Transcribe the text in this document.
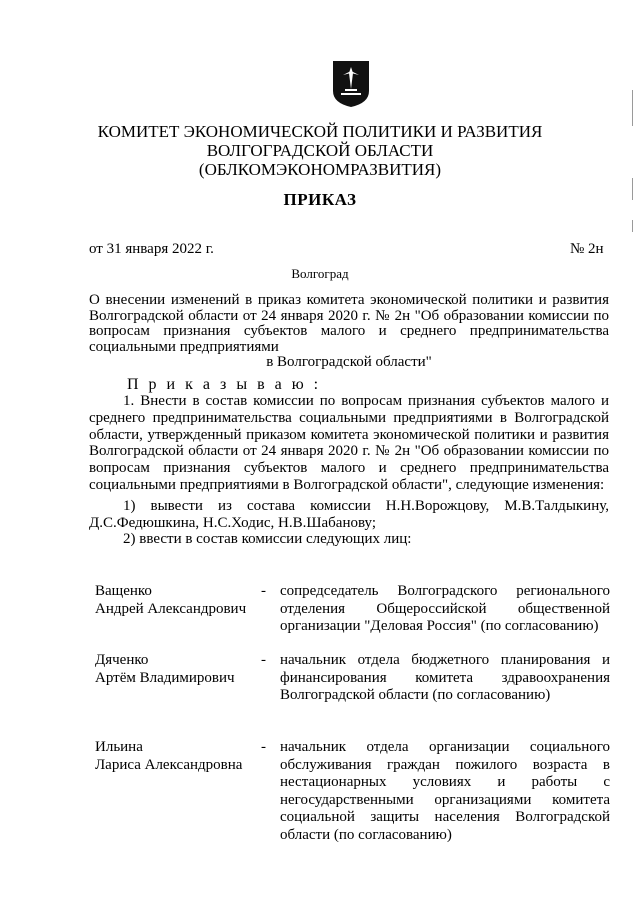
КОМИТЕТ ЭКОНОМИЧЕСКОЙ ПОЛИТИКИ И РАЗВИТИЯ
ВОЛГОГРАДСКОЙ ОБЛАСТИ
(ОБЛКОМЭКОНОМРАЗВИТИЯ)
ПРИКАЗ
от 31 января 2022 г.	№ 2н
Волгоград
О внесении изменений в приказ комитета экономической политики и развития Волгоградской области от 24 января 2020 г. № 2н "Об образовании комиссии по вопросам признания субъектов малого и среднего предпринимательства социальными предприятиями
в Волгоградской области"
П р и к а з ы в а ю :

1. Внести в состав комиссии по вопросам признания субъектов малого и среднего предпринимательства социальными предприятиями в Волгоградской области, утвержденный приказом комитета экономической политики и развития Волгоградской области от 24 января 2020 г. № 2н "Об образовании комиссии по вопросам признания субъектов малого и среднего предпринимательства социальными предприятиями в Волгоградской области", следующие изменения:

1) вывести из состава комиссии Н.Н.Ворожцову, М.В.Талдыкину, Д.С.Федюшкина, Н.С.Ходис, Н.В.Шабанову;

2) ввести в состав комиссии следующих лиц:

Ващенко
Андрей Александрович
- сопредседатель Волгоградского регионального отделения Общероссийской общественной организации "Деловая Россия" (по согласованию)
Дяченко
Артём Владимирович
- начальник отдела бюджетного планирования и финансирования комитета здравоохранения Волгоградской области (по согласованию)
Ильина
Лариса Александровна
- начальник отдела организации социального обслуживания граждан пожилого возраста в нестационарных условиях и работы с негосударственными организациями комитета социальной защиты населения Волгоградской области (по согласованию)
